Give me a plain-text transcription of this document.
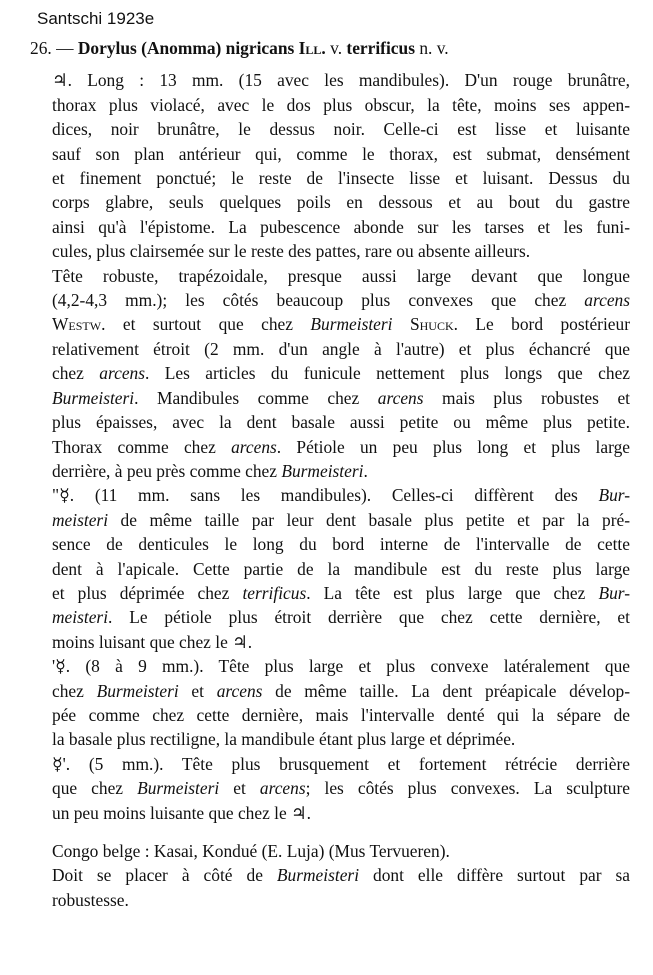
Santschi 1923e
26. — Dorylus (Anomma) nigricans Ill. v. terrificus n. v.
♃. Long : 13 mm. (15 avec les mandibules). D'un rouge brunâtre,
thorax plus violacé, avec le dos plus obscur, la tête, moins ses appen-
dices, noir brunâtre, le dessus noir. Celle-ci est lisse et luisante
sauf son plan antérieur qui, comme le thorax, est submat, densément
et finement ponctué; le reste de l'insecte lisse et luisant. Dessus du
corps glabre, seuls quelques poils en dessous et au bout du gastre
ainsi qu'à l'épistome. La pubescence abonde sur les tarses et les funi-
cules, plus clairsemée sur le reste des pattes, rare ou absente ailleurs.
Tête robuste, trapézoidale, presque aussi large devant que longue
(4,2-4,3 mm.); les côtés beaucoup plus convexes que chez arcens
Westw. et surtout que chez Burmeisteri Shuck. Le bord postérieur
relativement étroit (2 mm. d'un angle à l'autre) et plus échancré que
chez arcens. Les articles du funicule nettement plus longs que chez
Burmeisteri. Mandibules comme chez arcens mais plus robustes et
plus épaisses, avec la dent basale aussi petite ou même plus petite.
Thorax comme chez arcens. Pétiole un peu plus long et plus large
derrière, à peu près comme chez Burmeisteri.
"☿. (11 mm. sans les mandibules). Celles-ci diffèrent des Bur-
meisteri de même taille par leur dent basale plus petite et par la pré-
sence de denticules le long du bord interne de l'intervalle de cette
dent à l'apicale. Cette partie de la mandibule est du reste plus large
et plus déprimée chez terrificus. La tête est plus large que chez Bur-
meisteri. Le pétiole plus étroit derrière que chez cette dernière, et
moins luisant que chez le ♃.
'☿. (8 à 9 mm.). Tête plus large et plus convexe latéralement que
chez Burmeisteri et arcens de même taille. La dent préapicale dévelop-
pée comme chez cette dernière, mais l'intervalle denté qui la sépare de
la basale plus rectiligne, la mandibule étant plus large et déprimée.
☿'. (5 mm.). Tête plus brusquement et fortement rétrécie derrière
que chez Burmeisteri et arcens; les côtés plus convexes. La sculpture
un peu moins luisante que chez le ♃.
Congo belge : Kasai, Kondué (E. Luja) (Mus Tervueren).
Doit se placer à côté de Burmeisteri dont elle diffère surtout par sa
robustesse.
